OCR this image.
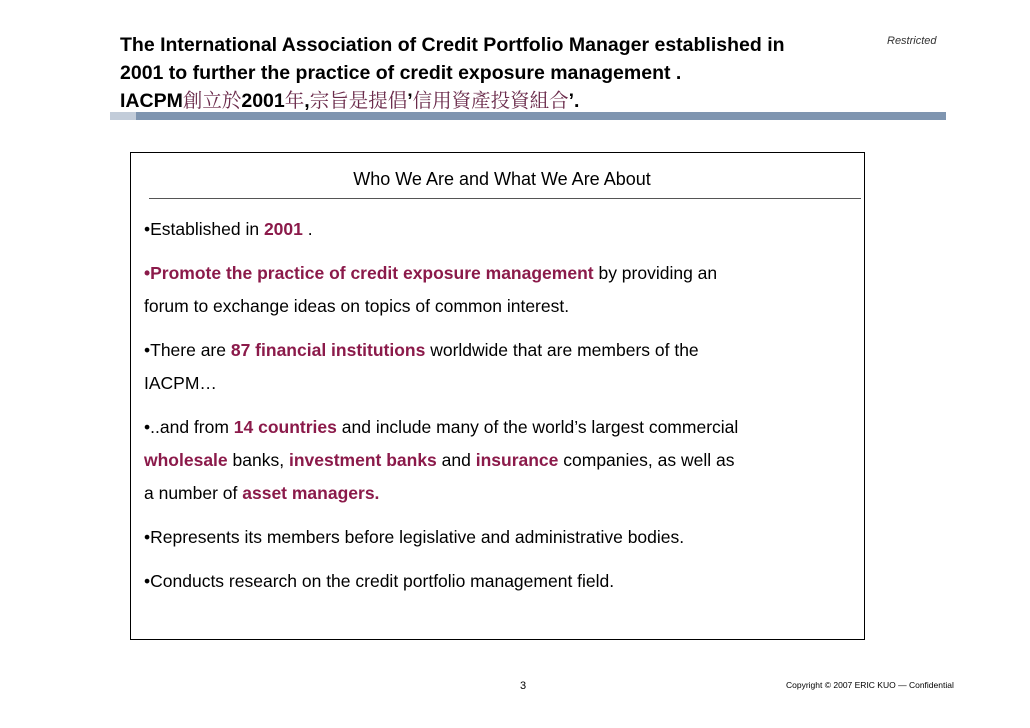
The International Association of Credit Portfolio Manager established in
2001 to further the practice of credit exposure management .
IACPM創立於2001年,宗旨是提倡’信用資產投資組合’.
Restricted
Who We Are and What We Are About
•Established in 2001 .
•Promote the practice of credit exposure management by providing an
forum to exchange ideas on topics of common interest.
•There are 87 financial institutions worldwide that are members of the
IACPM…
•..and from 14 countries and include many of the world’s largest commercial
wholesale banks, investment banks and insurance companies, as well as
a number of asset managers.
•Represents its members before legislative and administrative bodies.
•Conducts research on the credit portfolio management field.
3	Copyright © 2007 ERIC KUO — Confidential
